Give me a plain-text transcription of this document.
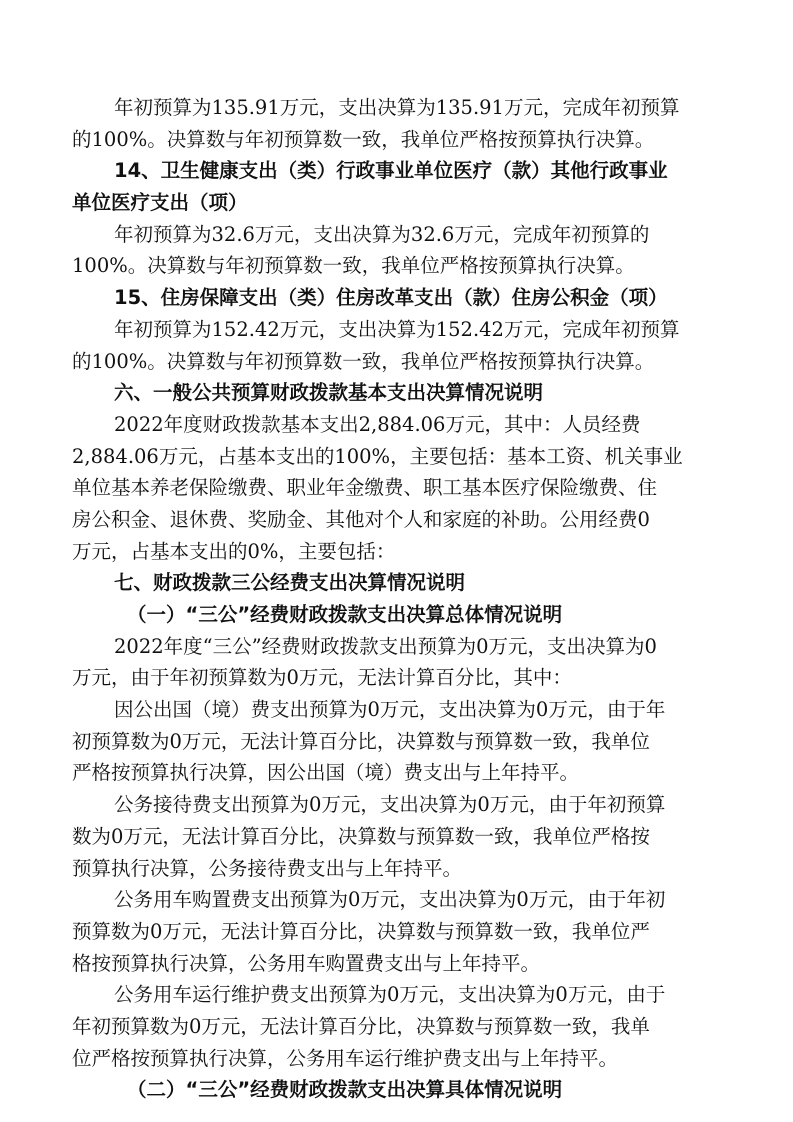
年初预算为135.91万元，支出决算为135.91万元，完成年初预算
的100%。决算数与年初预算数一致，我单位严格按预算执行决算。
14、卫生健康支出（类）行政事业单位医疗（款）其他行政事业
单位医疗支出（项）
年初预算为32.6万元，支出决算为32.6万元，完成年初预算的
100%。决算数与年初预算数一致，我单位严格按预算执行决算。
15、住房保障支出（类）住房改革支出（款）住房公积金（项）
年初预算为152.42万元，支出决算为152.42万元，完成年初预算
的100%。决算数与年初预算数一致，我单位严格按预算执行决算。
六、一般公共预算财政拨款基本支出决算情况说明
2022年度财政拨款基本支出2,884.06万元，其中：人员经费
2,884.06万元，占基本支出的100%，主要包括：基本工资、机关事业
单位基本养老保险缴费、职业年金缴费、职工基本医疗保险缴费、住
房公积金、退休费、奖励金、其他对个人和家庭的补助。公用经费0
万元，占基本支出的0%，主要包括：
七、财政拨款三公经费支出决算情况说明
（一）“三公”经费财政拨款支出决算总体情况说明
2022年度“三公”经费财政拨款支出预算为0万元，支出决算为0
万元，由于年初预算数为0万元，无法计算百分比，其中：
因公出国（境）费支出预算为0万元，支出决算为0万元，由于年
初预算数为0万元，无法计算百分比，决算数与预算数一致，我单位
严格按预算执行决算，因公出国（境）费支出与上年持平。
公务接待费支出预算为0万元，支出决算为0万元，由于年初预算
数为0万元，无法计算百分比，决算数与预算数一致，我单位严格按
预算执行决算，公务接待费支出与上年持平。
公务用车购置费支出预算为0万元，支出决算为0万元，由于年初
预算数为0万元，无法计算百分比，决算数与预算数一致，我单位严
格按预算执行决算，公务用车购置费支出与上年持平。
公务用车运行维护费支出预算为0万元，支出决算为0万元，由于
年初预算数为0万元，无法计算百分比，决算数与预算数一致，我单
位严格按预算执行决算，公务用车运行维护费支出与上年持平。
（二）“三公”经费财政拨款支出决算具体情况说明
